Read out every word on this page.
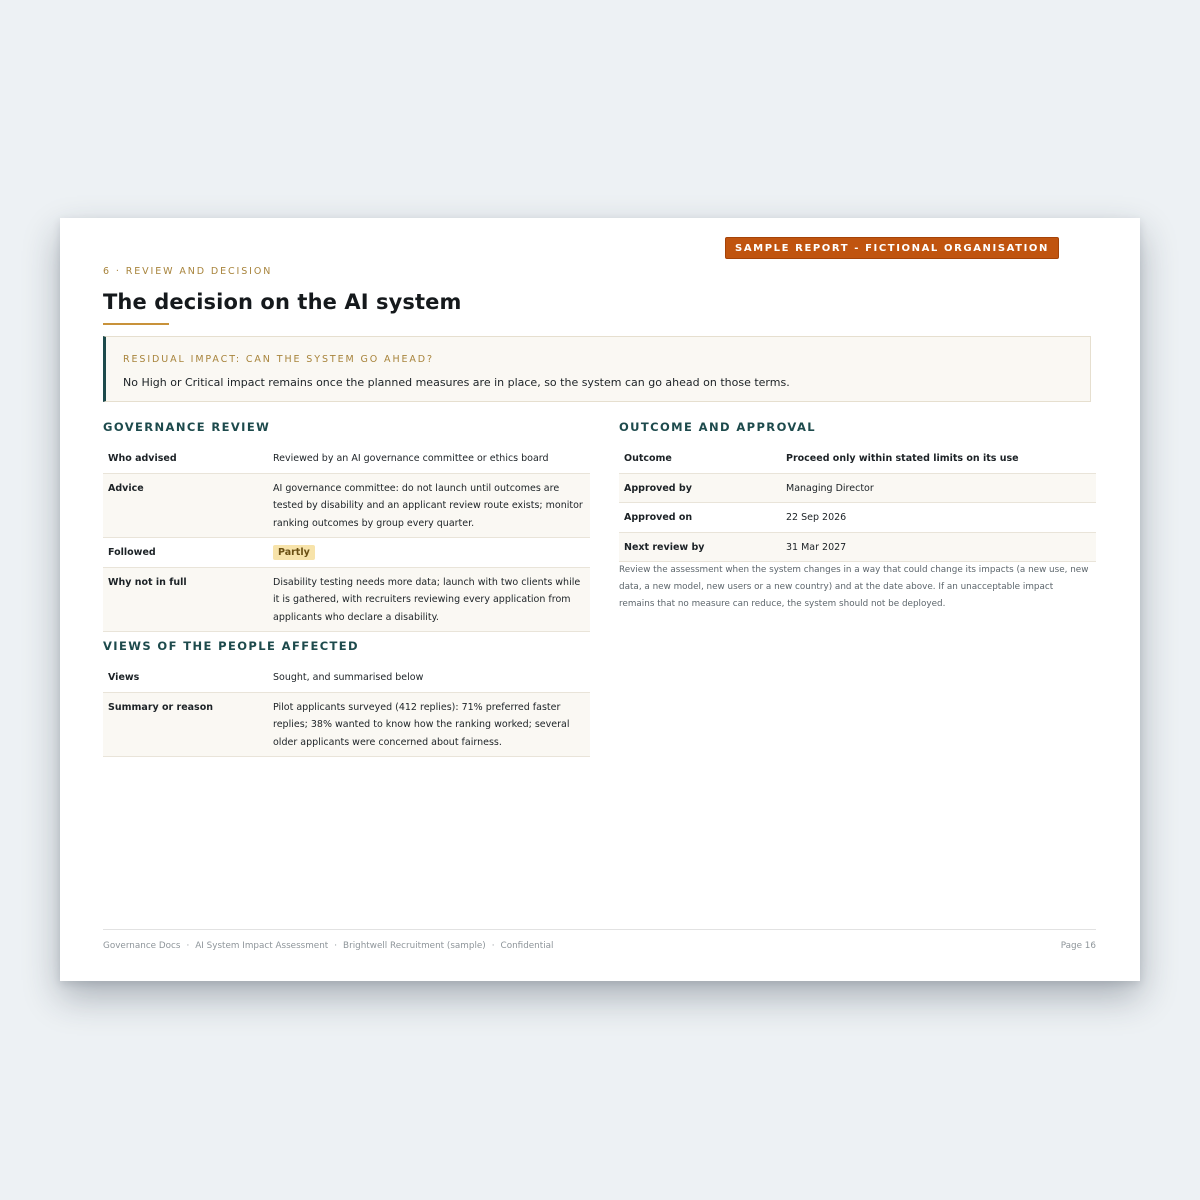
SAMPLE REPORT - FICTIONAL ORGANISATION
6 · REVIEW AND DECISION
The decision on the AI system
RESIDUAL IMPACT: CAN THE SYSTEM GO AHEAD?
No High or Critical impact remains once the planned measures are in place, so the system can go ahead on those terms.
GOVERNANCE REVIEW
Who advised	Reviewed by an AI governance committee or ethics board
Advice	AI governance committee: do not launch until outcomes are tested by disability and an applicant review route exists; monitor ranking outcomes by group every quarter.
Followed	Partly
Why not in full	Disability testing needs more data; launch with two clients while it is gathered, with recruiters reviewing every application from applicants who declare a disability.
VIEWS OF THE PEOPLE AFFECTED
Views	Sought, and summarised below
Summary or reason	Pilot applicants surveyed (412 replies): 71% preferred faster replies; 38% wanted to know how the ranking worked; several older applicants were concerned about fairness.
OUTCOME AND APPROVAL
Outcome	Proceed only within stated limits on its use
Approved by	Managing Director
Approved on	22 Sep 2026
Next review by	31 Mar 2027

Review the assessment when the system changes in a way that could change its impacts (a new use, new data, a new model, new users or a new country) and at the date above. If an unacceptable impact remains that no measure can reduce, the system should not be deployed.

Governance Docs · AI System Impact Assessment · Brightwell Recruitment (sample) · Confidential	Page 16
